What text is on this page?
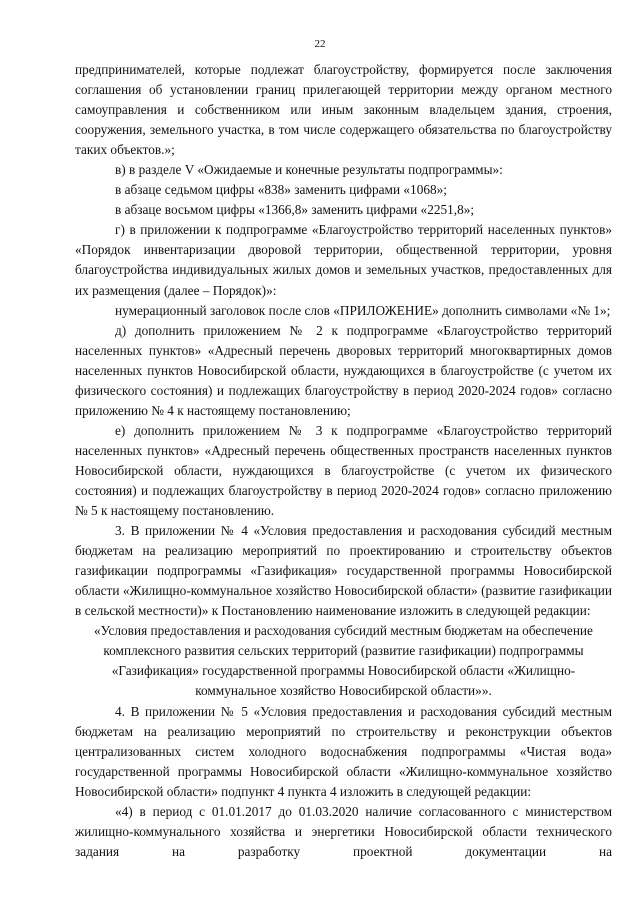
22

предпринимателей, которые подлежат благоустройству, формируется после заключения соглашения об установлении границ прилегающей территории между органом местного самоуправления и собственником или иным законным владельцем здания, строения, сооружения, земельного участка, в том числе содержащего обязательства по благоустройству таких объектов.»;

в) в разделе V «Ожидаемые и конечные результаты подпрограммы»:

в абзаце седьмом цифры «838» заменить цифрами «1068»;

в абзаце восьмом цифры «1366,8» заменить цифрами «2251,8»;

г) в приложении к подпрограмме «Благоустройство территорий населенных пунктов» «Порядок инвентаризации дворовой территории, общественной территории, уровня благоустройства индивидуальных жилых домов и земельных участков, предоставленных для их размещения (далее – Порядок)»:

нумерационный заголовок после слов «ПРИЛОЖЕНИЕ» дополнить символами «№ 1»;

д) дополнить приложением № 2 к подпрограмме «Благоустройство территорий населенных пунктов» «Адресный перечень дворовых территорий многоквартирных домов населенных пунктов Новосибирской области, нуждающихся в благоустройстве (с учетом их физического состояния) и подлежащих благоустройству в период 2020-2024 годов» согласно приложению № 4 к настоящему постановлению;

е) дополнить приложением № 3 к подпрограмме «Благоустройство территорий населенных пунктов» «Адресный перечень общественных пространств населенных пунктов Новосибирской области, нуждающихся в благоустройстве (с учетом их физического состояния) и подлежащих благоустройству в период 2020-2024 годов» согласно приложению № 5 к настоящему постановлению.

3. В приложении № 4 «Условия предоставления и расходования субсидий местным бюджетам на реализацию мероприятий по проектированию и строительству объектов газификации подпрограммы «Газификация» государственной программы Новосибирской области «Жилищно-коммунальное хозяйство Новосибирской области» (развитие газификации в сельской местности)» к Постановлению наименование изложить в следующей редакции:

«Условия предоставления и расходования субсидий местным бюджетам на обеспечение комплексного развития сельских территорий (развитие газификации) подпрограммы «Газификация» государственной программы Новосибирской области «Жилищно-коммунальное хозяйство Новосибирской области»».

4. В приложении № 5 «Условия предоставления и расходования субсидий местным бюджетам на реализацию мероприятий по строительству и реконструкции объектов централизованных систем холодного водоснабжения подпрограммы «Чистая вода» государственной программы Новосибирской области «Жилищно-коммунальное хозяйство Новосибирской области» подпункт 4 пункта 4 изложить в следующей редакции:

«4) в период с 01.01.2017 до 01.03.2020 наличие согласованного с министерством жилищно-коммунального хозяйства и энергетики Новосибирской области технического задания на разработку проектной документации на
